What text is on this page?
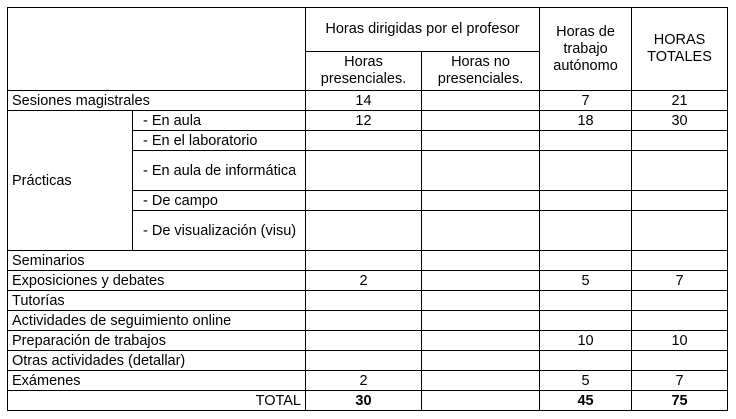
		Horas dirigidas por el profesor		Horas de trabajo autónomo	HORAS TOTALES
		Horas presenciales.	Horas no presenciales.		
Sesiones magistrales		14		7	21
Prácticas	- En aula	12		18	30
	- En el laboratorio				
	- En aula de informática				
	- De campo				
	- De visualización (visu)				

Seminarios					
Exposiciones y debates		2		5	7
Tutorías					
Actividades de seguimiento online					
Preparación de trabajos				10	10
Otras actividades (detallar)					
Exámenes		2		5	7
TOTAL		30		45	75
